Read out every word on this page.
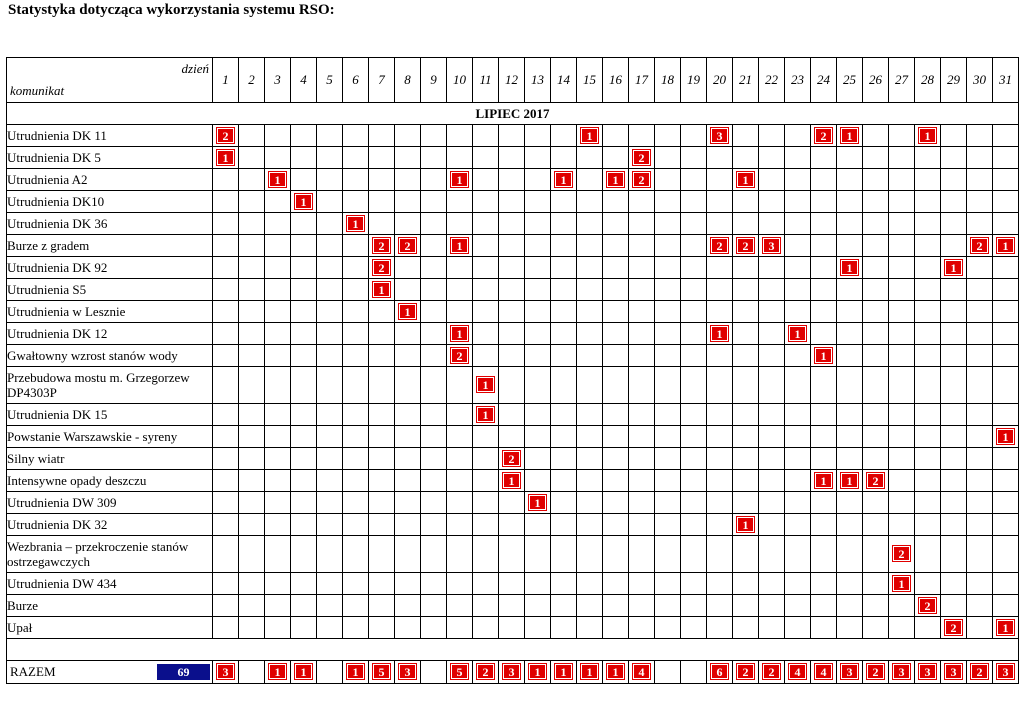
Statystyka dotycząca wykorzystania systemu RSO:
dzień
komunikat	1	2	3	4	5	6	7	8	9	10	11	12	13	14	15	16	17	18	19	20	21	22	23	24	25	26	27	28	29	30	31
LIPIEC 2017																															
Utrudnienia DK 11	2														1					3				2	1			1			
Utrudnienia DK 5	1																2														
Utrudnienia A2			1							1				1		1	2				1										
Utrudnienia DK10				1																											
Utrudnienia DK 36						1																									
Burze z gradem							2	2		1										2	2	3								2	1
Utrudnienia DK 92							2																		1				1		
Utrudnienia S5							1																								
Utrudnienia w Lesznie								1																							
Utrudnienia DK 12										1										1			1								
Gwałtowny wzrost stanów wody										2														1							
Przebudowa mostu m. Grzegorzew DP4303P											1																				
Utrudnienia DK 15											1																				
Powstanie Warszawskie - syreny																															1
Silny wiatr												2																			
Intensywne opady deszczu												1												1	1	2					
Utrudnienia DW 309													1																		
Utrudnienia DK 32																					1										
Wezbrania – przekroczenie stanów ostrzegawczych																											2				
Utrudnienia DW 434																											1				
Burze																												2			
Upał																													2		1

RAZEM 69	3		1	1		1	5	3		5	2	3	1	1	1	1	4			6	2	2	4	4	3	2	3	3	3	2	3
